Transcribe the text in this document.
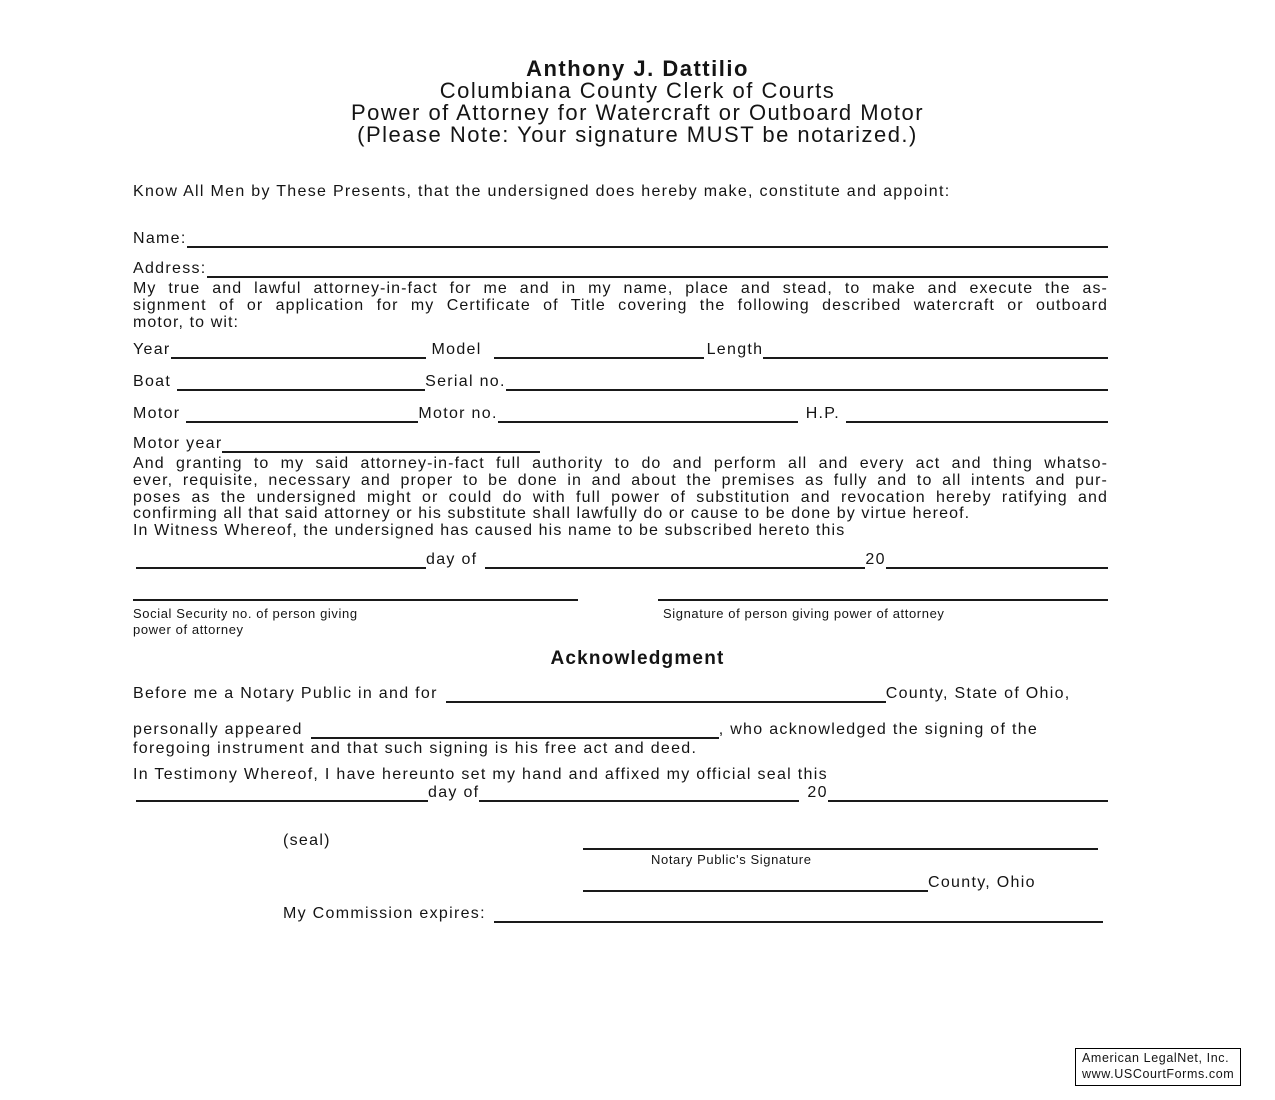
Anthony J. Dattilio
Columbiana County Clerk of Courts
Power of Attorney for Watercraft or Outboard Motor
(Please Note: Your signature MUST be notarized.)
Know All Men by These Presents, that the undersigned does hereby make, constitute and appoint:
Name:
Address:
My true and lawful attorney-in-fact for me and in my name, place and stead, to make and execute the as-
signment of or application for my Certificate of Title covering the following described watercraft or outboard
motor, to wit:
Year	Model	Length
Boat	Serial no.
Motor	Motor no.	H.P.
Motor year
And granting to my said attorney-in-fact full authority to do and perform all and every act and thing whatso-
ever, requisite, necessary and proper to be done in and about the premises as fully and to all intents and pur-
poses as the undersigned might or could do with full power of substitution and revocation hereby ratifying and
confirming all that said attorney or his substitute shall lawfully do or cause to be done by virtue hereof.
In Witness Whereof, the undersigned has caused his name to be subscribed hereto this
day of	20
Social Security no. of person giving
power of attorney
Signature of person giving power of attorney
Acknowledgment
Before me a Notary Public in and for	County, State of Ohio,
personally appeared	, who acknowledged the signing of the
foregoing instrument and that such signing is his free act and deed.
In Testimony Whereof, I have hereunto set my hand and affixed my official seal this
day of	20
(seal)
Notary Public's Signature
County, Ohio
My Commission expires:
American LegalNet, Inc.
www.USCourtForms.com
